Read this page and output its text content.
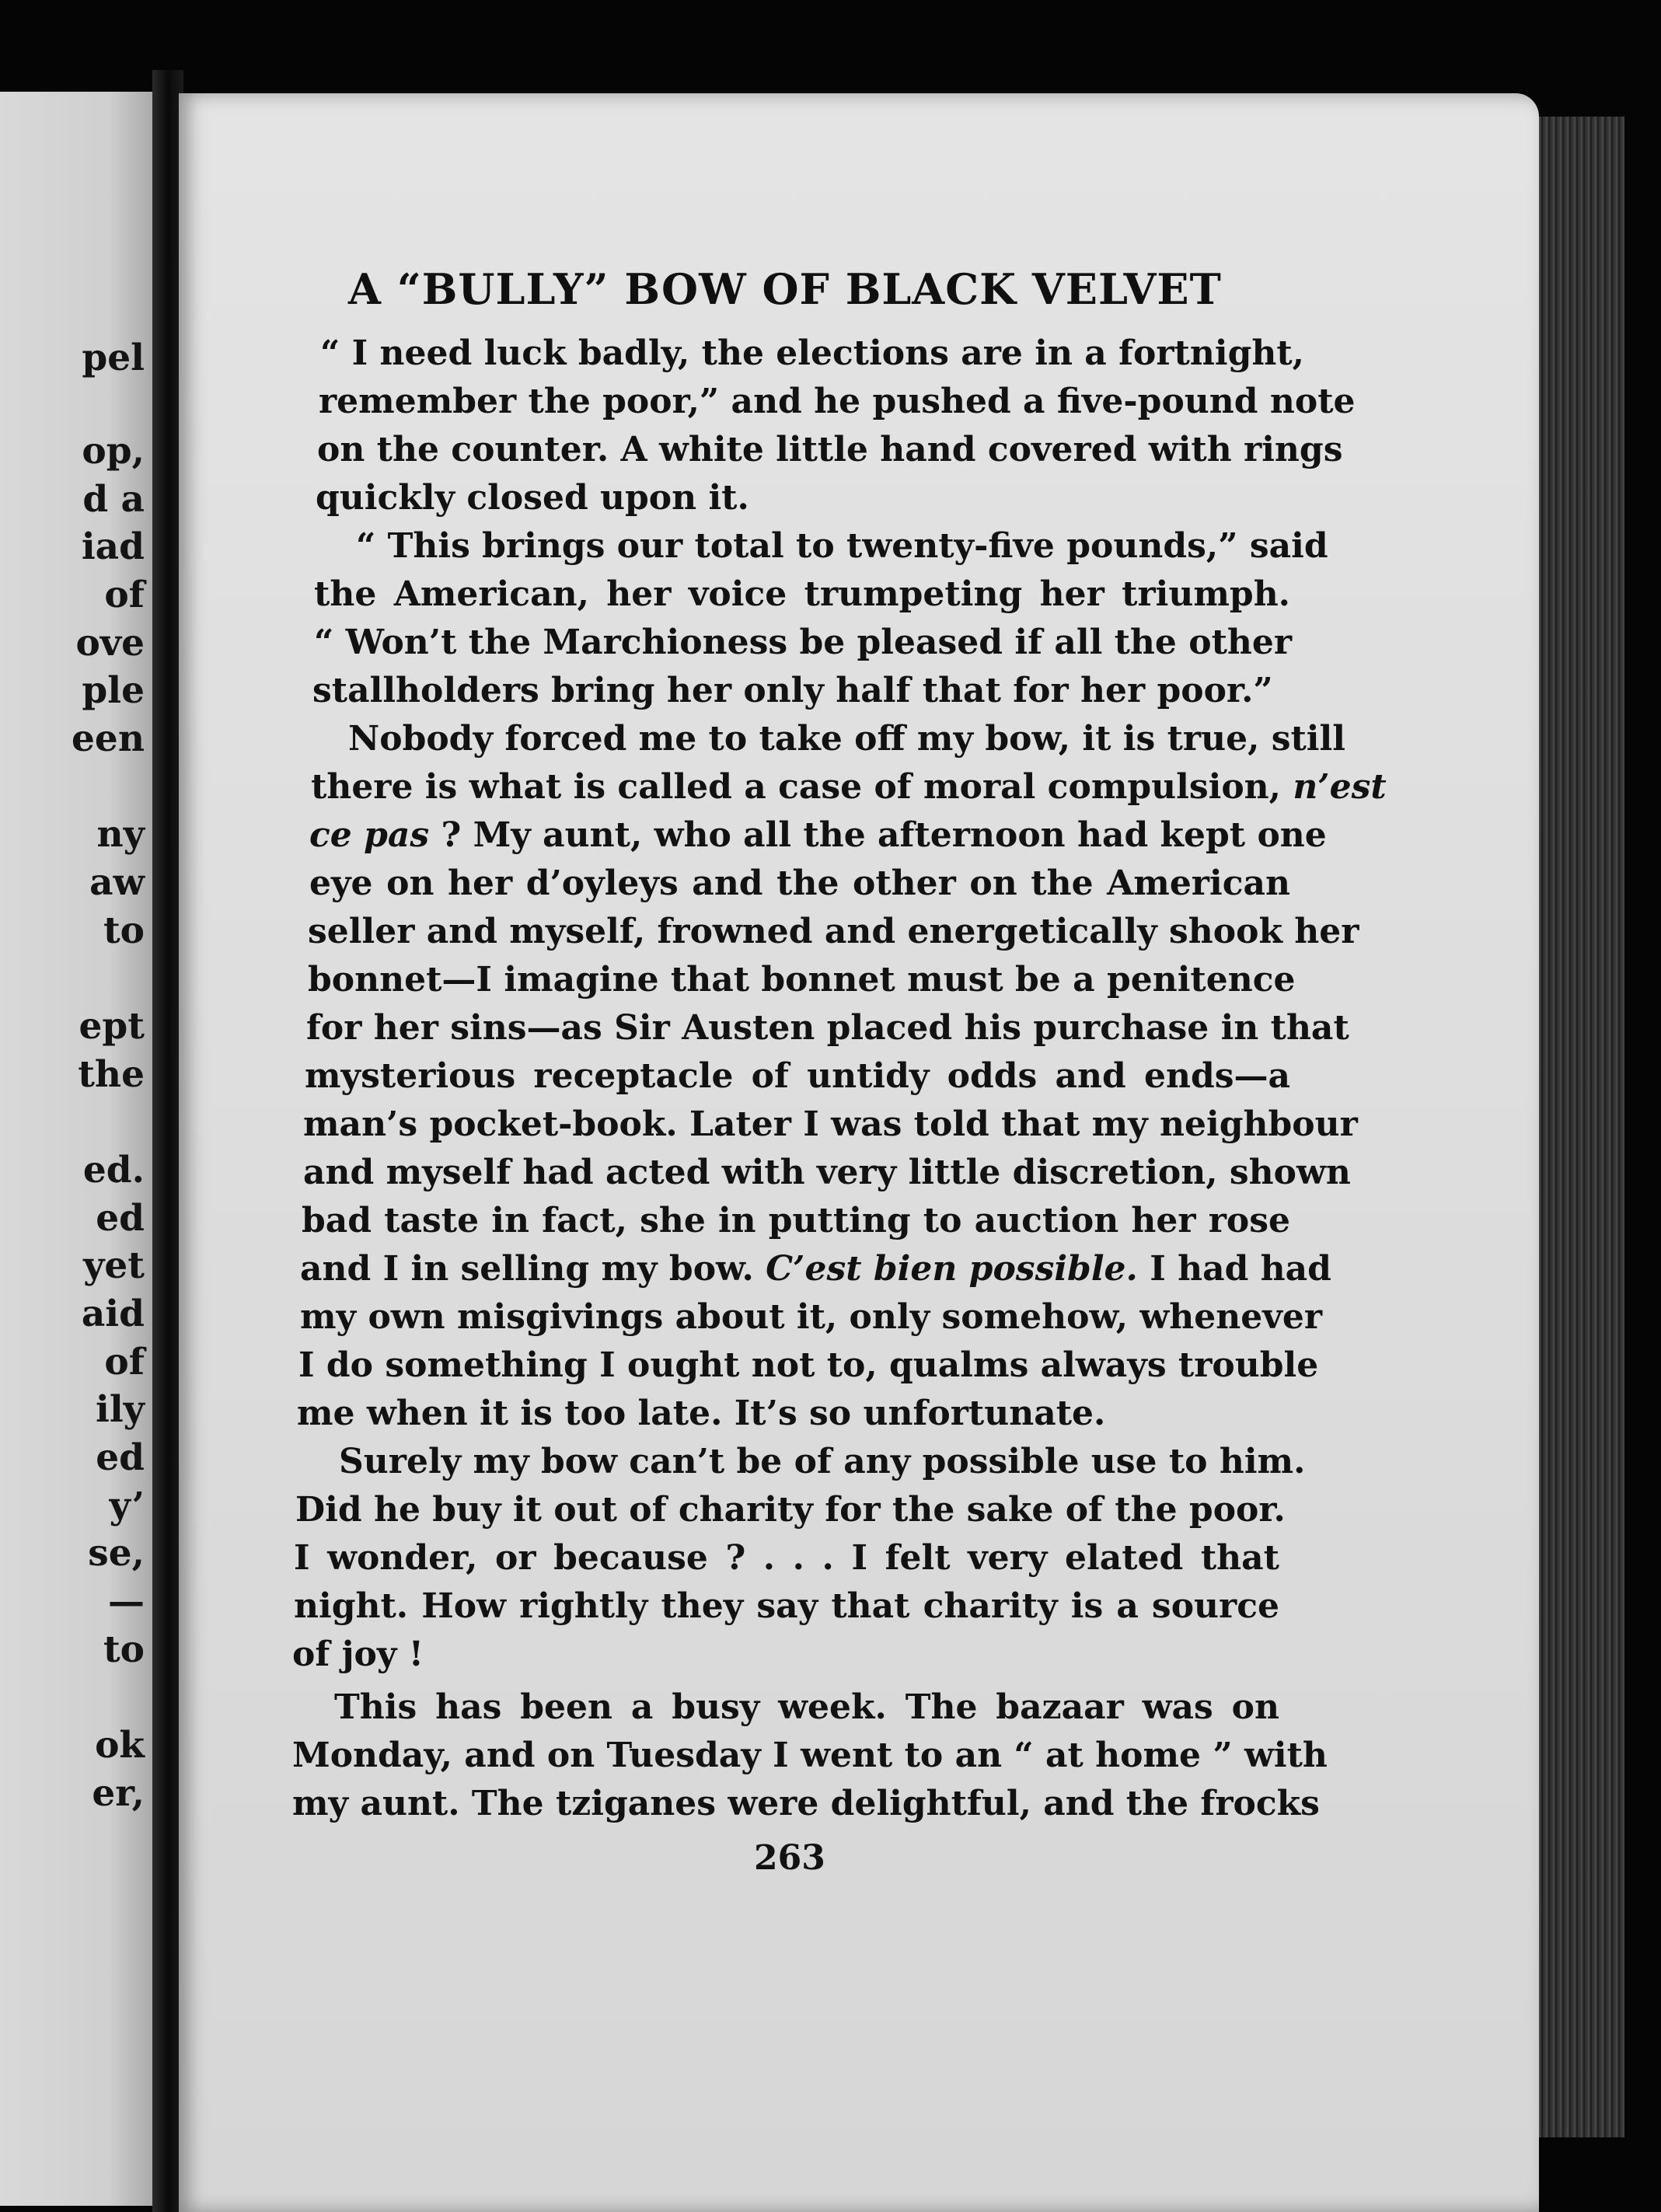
pel
op,
d a
iad
of
ove
ple
een
ny
aw
to
ept
the
ed.
ed
yet
aid
of
ily
ed
y’
se,
—
to
ok
er,
A “BULLY” BOW OF BLACK VELVET
“ I need luck badly, the elections are in a fortnight,
remember the poor,” and he pushed a five-pound note
on the counter. A white little hand covered with rings
quickly closed upon it.
“ This brings our total to twenty-five pounds,” said
the American, her voice trumpeting her triumph.
“ Won’t the Marchioness be pleased if all the other
stallholders bring her only half that for her poor.”
Nobody forced me to take off my bow, it is true, still
there is what is called a case of moral compulsion, n’est
ce pas ? My aunt, who all the afternoon had kept one
eye on her d’oyleys and the other on the American
seller and myself, frowned and energetically shook her
bonnet—I imagine that bonnet must be a penitence
for her sins—as Sir Austen placed his purchase in that
mysterious receptacle of untidy odds and ends—a
man’s pocket-book. Later I was told that my neighbour
and myself had acted with very little discretion, shown
bad taste in fact, she in putting to auction her rose
and I in selling my bow. C’est bien possible. I had had
my own misgivings about it, only somehow, whenever
I do something I ought not to, qualms always trouble
me when it is too late. It’s so unfortunate.
Surely my bow can’t be of any possible use to him.
Did he buy it out of charity for the sake of the poor.
I wonder, or because ? . . . I felt very elated that
night. How rightly they say that charity is a source
of joy !
This has been a busy week. The bazaar was on
Monday, and on Tuesday I went to an “ at home ” with
my aunt. The tziganes were delightful, and the frocks
263
